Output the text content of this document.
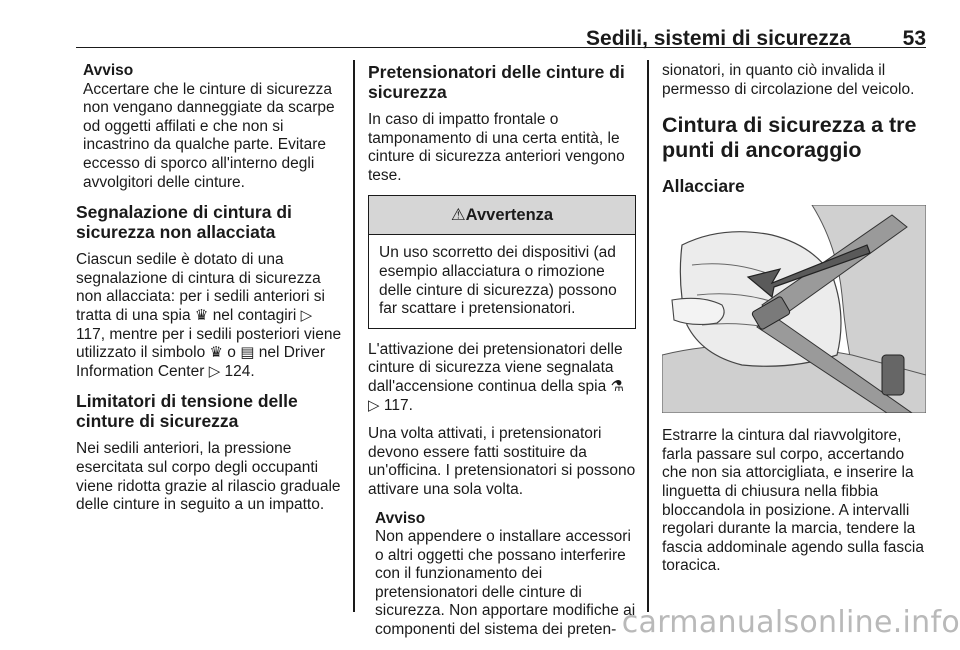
Sedili, sistemi di sicurezza 53

Avviso

Accertare che le cinture di sicurezza non vengano danneggiate da scarpe od oggetti affilati e che non si incastrino da qualche parte. Evitare eccesso di sporco all'interno degli avvolgitori delle cinture.

Segnalazione di cintura di sicurezza non allacciata

Ciascun sedile è dotato di una segnalazione di cintura di sicurezza non allacciata: per i sedili anteriori si tratta di una spia ♛ nel contagiri ▷ 117, mentre per i sedili posteriori viene utilizzato il simbolo ♛ o ▤ nel Driver Information Center ▷ 124.

Limitatori di tensione delle cinture di sicurezza

Nei sedili anteriori, la pressione esercitata sul corpo degli occupanti viene ridotta grazie al rilascio graduale delle cinture in seguito a un impatto.

Pretensionatori delle cinture di sicurezza

In caso di impatto frontale o tamponamento di una certa entità, le cinture di sicurezza anteriori vengono tese.

⚠Avvertenza
Un uso scorretto dei dispositivi (ad esempio allacciatura o rimozione delle cinture di sicurezza) possono far scattare i pretensionatori.

L'attivazione dei pretensionatori delle cinture di sicurezza viene segnalata dall'accensione continua della spia ⚗
▷ 117.

Una volta attivati, i pretensionatori devono essere fatti sostituire da un'officina. I pretensionatori si possono attivare una sola volta.

Avviso

Non appendere o installare accessori o altri oggetti che possano interferire con il funzionamento dei pretensionatori delle cinture di sicurezza. Non apportare modifiche ai componenti del sistema dei preten-

sionatori, in quanto ciò invalida il permesso di circolazione del veicolo.

Cintura di sicurezza a tre punti di ancoraggio
Allacciare

Estrarre la cintura dal riavvolgitore, farla passare sul corpo, accertando che non sia attorcigliata, e inserire la linguetta di chiusura nella fibbia bloccandola in posizione. A intervalli regolari durante la marcia, tendere la fascia addominale agendo sulla fascia toracica.

carmanualsonline.info
